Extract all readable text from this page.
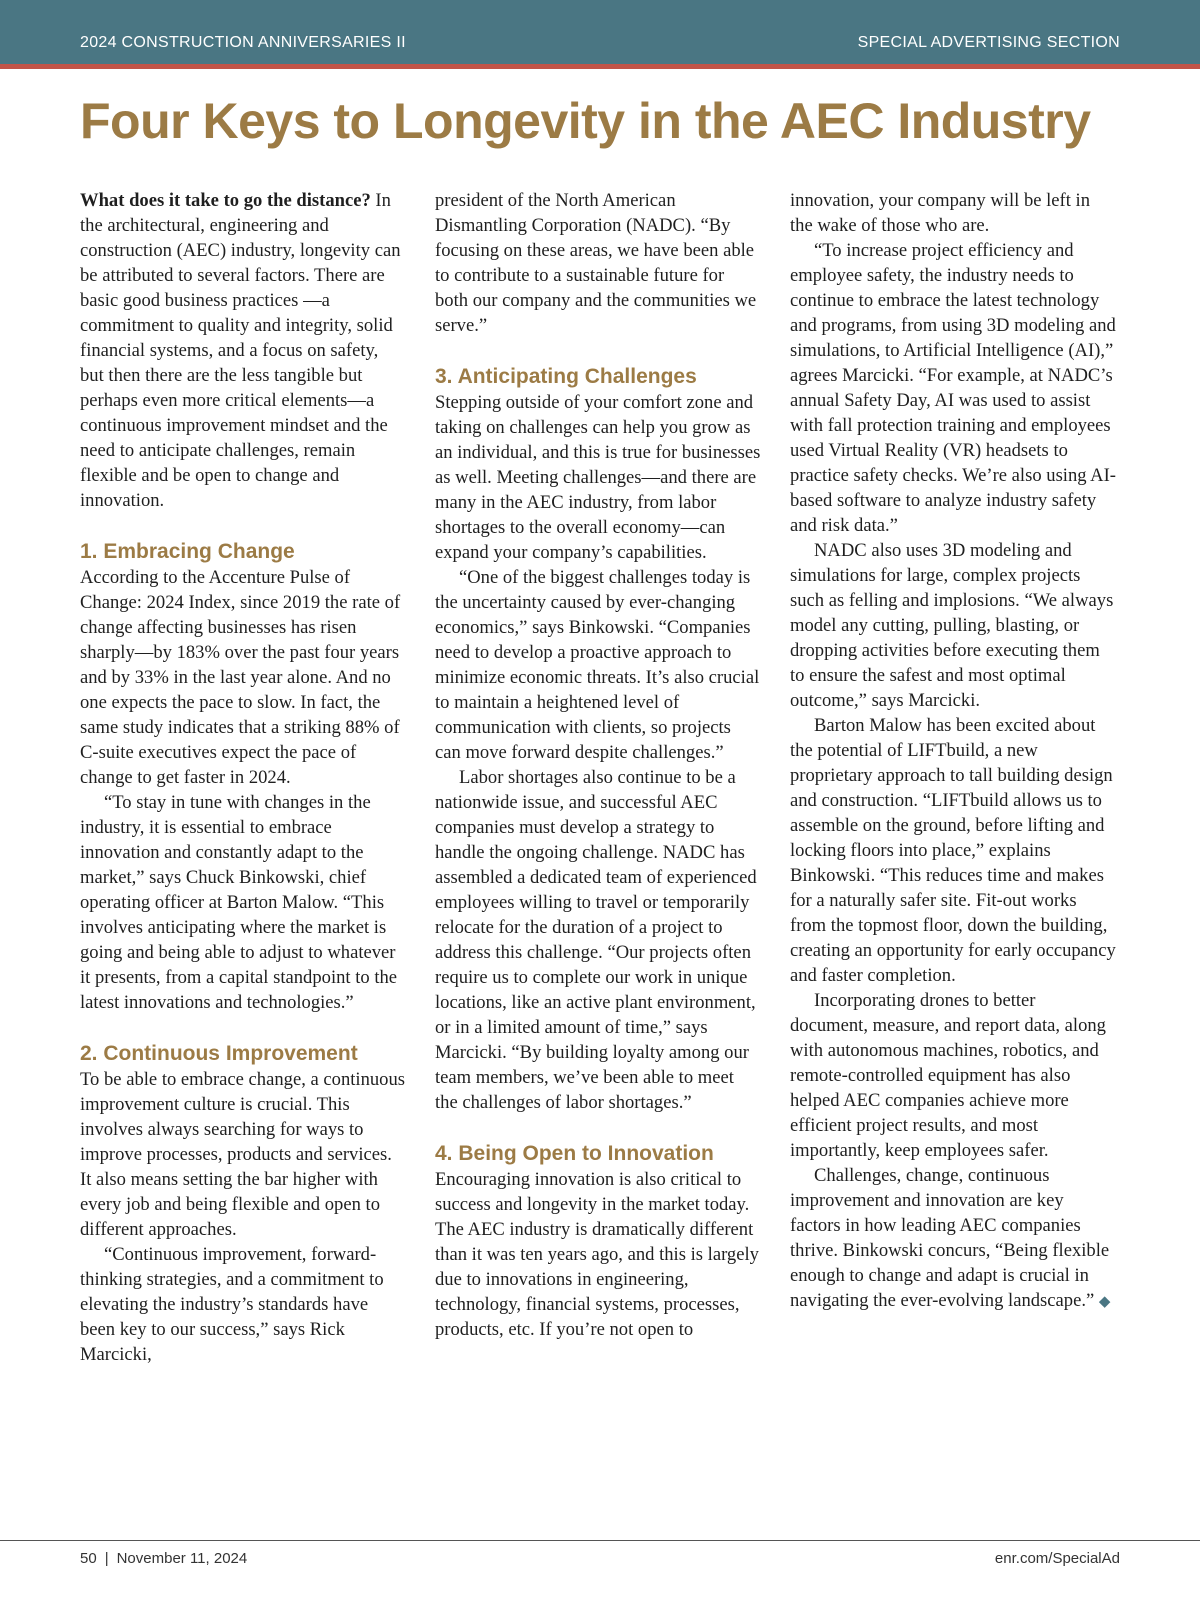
2024 CONSTRUCTION ANNIVERSARIES II	SPECIAL ADVERTISING SECTION
Four Keys to Longevity in the AEC Industry

What does it take to go the distance? In the architectural, engineering and construction (AEC) industry, longevity can be attributed to several factors. There are basic good business practices —a commitment to quality and integrity, solid financial systems, and a focus on safety, but then there are the less tangible but perhaps even more critical elements—a continuous improvement mindset and the need to anticipate challenges, remain flexible and be open to change and innovation.

1. Embracing Change

According to the Accenture Pulse of Change: 2024 Index, since 2019 the rate of change affecting businesses has risen sharply—by 183% over the past four years and by 33% in the last year alone. And no one expects the pace to slow. In fact, the same study indicates that a striking 88% of C-suite executives expect the pace of change to get faster in 2024.

“To stay in tune with changes in the industry, it is essential to embrace innovation and constantly adapt to the market,” says Chuck Binkowski, chief operating officer at Barton Malow. “This involves anticipating where the market is going and being able to adjust to whatever it presents, from a capital standpoint to the latest innovations and technologies.”

2. Continuous Improvement

To be able to embrace change, a continuous improvement culture is crucial. This involves always searching for ways to improve processes, products and services. It also means setting the bar higher with every job and being flexible and open to different approaches.

“Continuous improvement, forward-thinking strategies, and a commitment to elevating the industry’s standards have been key to our success,” says Rick Marcicki,

president of the North American Dismantling Corporation (NADC). “By focusing on these areas, we have been able to contribute to a sustainable future for both our company and the communities we serve.”

3. Anticipating Challenges

Stepping outside of your comfort zone and taking on challenges can help you grow as an individual, and this is true for businesses as well. Meeting challenges—and there are many in the AEC industry, from labor shortages to the overall economy—can expand your company’s capabilities.

“One of the biggest challenges today is the uncertainty caused by ever-changing economics,” says Binkowski. “Companies need to develop a proactive approach to minimize economic threats. It’s also crucial to maintain a heightened level of communication with clients, so projects can move forward despite challenges.”

Labor shortages also continue to be a nationwide issue, and successful AEC companies must develop a strategy to handle the ongoing challenge. NADC has assembled a dedicated team of experienced employees willing to travel or temporarily relocate for the duration of a project to address this challenge. “Our projects often require us to complete our work in unique locations, like an active plant environment, or in a limited amount of time,” says Marcicki. “By building loyalty among our team members, we’ve been able to meet the challenges of labor shortages.”

4. Being Open to Innovation

Encouraging innovation is also critical to success and longevity in the market today. The AEC industry is dramatically different than it was ten years ago, and this is largely due to innovations in engineering, technology, financial systems, processes, products, etc. If you’re not open to

innovation, your company will be left in the wake of those who are.

“To increase project efficiency and employee safety, the industry needs to continue to embrace the latest technology and programs, from using 3D modeling and simulations, to Artificial Intelligence (AI),” agrees Marcicki. “For example, at NADC’s annual Safety Day, AI was used to assist with fall protection training and employees used Virtual Reality (VR) headsets to practice safety checks. We’re also using AI-based software to analyze industry safety and risk data.”

NADC also uses 3D modeling and simulations for large, complex projects such as felling and implosions. “We always model any cutting, pulling, blasting, or dropping activities before executing them to ensure the safest and most optimal outcome,” says Marcicki.

Barton Malow has been excited about the potential of LIFTbuild, a new proprietary approach to tall building design and construction. “LIFTbuild allows us to assemble on the ground, before lifting and locking floors into place,” explains Binkowski. “This reduces time and makes for a naturally safer site. Fit-out works from the topmost floor, down the building, creating an opportunity for early occupancy and faster completion.

Incorporating drones to better document, measure, and report data, along with autonomous machines, robotics, and remote-controlled equipment has also helped AEC companies achieve more efficient project results, and most importantly, keep employees safer.

Challenges, change, continuous improvement and innovation are key factors in how leading AEC companies thrive. Binkowski concurs, “Being flexible enough to change and adapt is crucial in navigating the ever-evolving landscape.” ◆

50 | November 11, 2024	enr.com/SpecialAd
